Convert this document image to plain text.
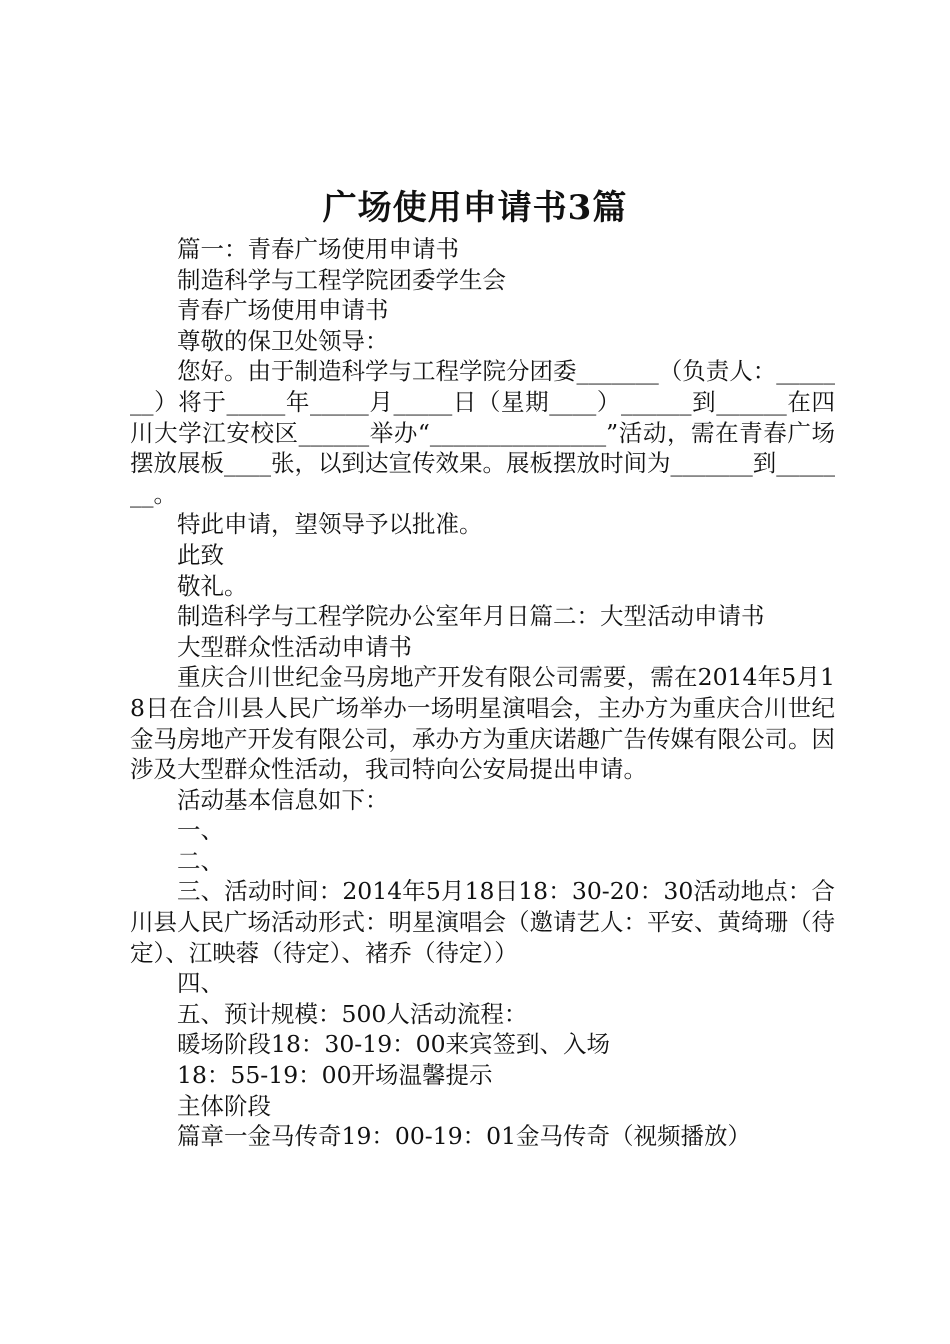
广场使用申请书3篇

篇一：青春广场使用申请书

制造科学与工程学院团委学生会

青春广场使用申请书

尊敬的保卫处领导：

您好。由于制造科学与工程学院分团委_______（负责人：_______）将于_____年_____月_____日（星期____）______到______在四川大学江安校区______举办“_______________”活动，需在青春广场摆放展板____张，以到达宣传效果。展板摆放时间为_______到_______。

特此申请，望领导予以批准。

此致

敬礼。

制造科学与工程学院办公室年月日篇二：大型活动申请书

大型群众性活动申请书

重庆合川世纪金马房地产开发有限公司需要，需在2014年5月18日在合川县人民广场举办一场明星演唱会，主办方为重庆合川世纪金马房地产开发有限公司，承办方为重庆诺趣广告传媒有限公司。因涉及大型群众性活动，我司特向公安局提出申请。

活动基本信息如下：

一、

二、

三、活动时间：2014年5月18日18：30-20：30活动地点：合川县人民广场活动形式：明星演唱会（邀请艺人：平安、黄绮珊（待定）、江映蓉（待定）、褚乔（待定））

四、

五、预计规模：500人活动流程：

暖场阶段18：30-19：00来宾签到、入场

18：55-19：00开场温馨提示

主体阶段

篇章一金马传奇19：00-19：01金马传奇（视频播放）
